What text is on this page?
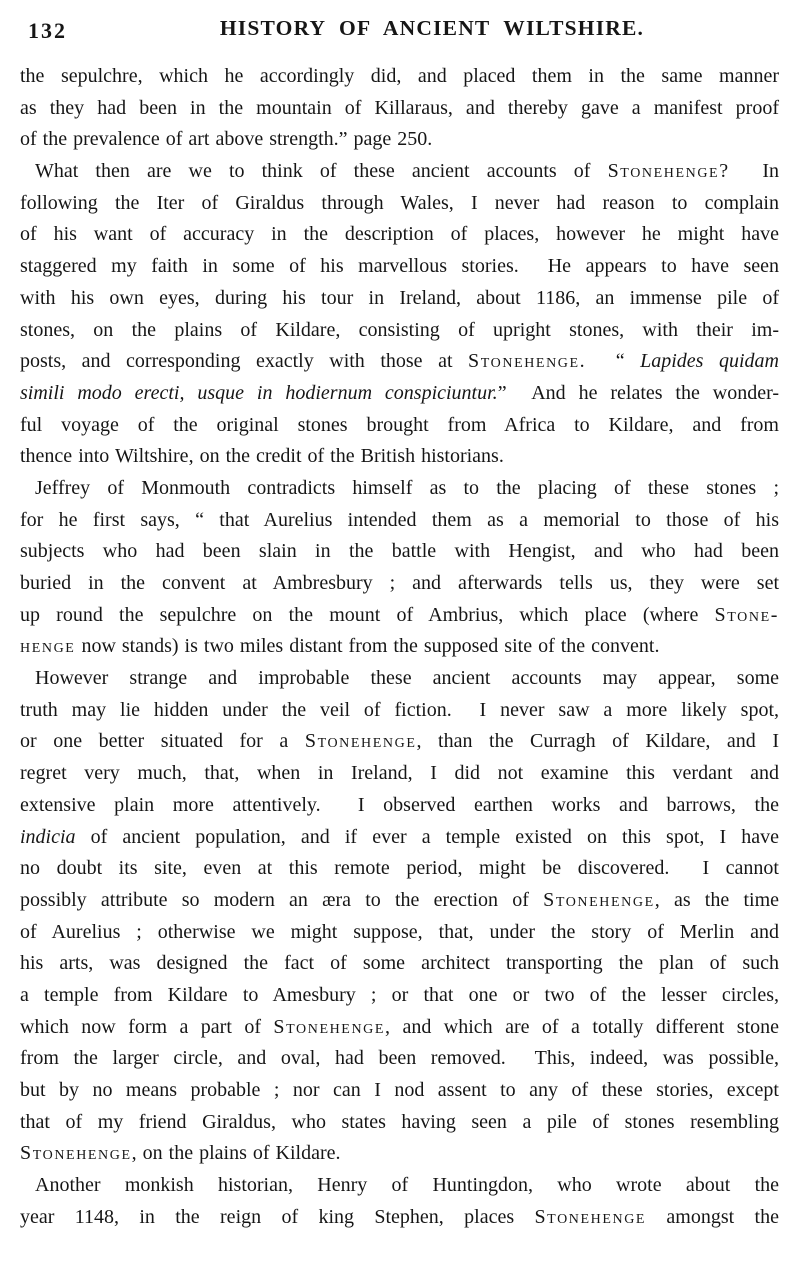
132	HISTORY OF ANCIENT WILTSHIRE.
the sepulchre, which he accordingly did, and placed them in the same manner
as they had been in the mountain of Killaraus, and thereby gave a manifest proof
of the prevalence of art above strength.” page 250.
What then are we to think of these ancient accounts of Stonehenge?  In
following the Iter of Giraldus through Wales, I never had reason to complain
of his want of accuracy in the description of places, however he might have
staggered my faith in some of his marvellous stories.  He appears to have seen
with his own eyes, during his tour in Ireland, about 1186, an immense pile of
stones, on the plains of Kildare, consisting of upright stones, with their im-
posts, and corresponding exactly with those at Stonehenge.  “ Lapides quidam
simili modo erecti, usque in hodiernum conspiciuntur.”  And he relates the wonder-
ful voyage of the original stones brought from Africa to Kildare, and from
thence into Wiltshire, on the credit of the British historians.
Jeffrey of Monmouth contradicts himself as to the placing of these stones ;
for he first says, “ that Aurelius intended them as a memorial to those of his
subjects who had been slain in the battle with Hengist, and who had been
buried in the convent at Ambresbury ; and afterwards tells us, they were set
up round the sepulchre on the mount of Ambrius, which place (where Stone-
henge now stands) is two miles distant from the supposed site of the convent.
However strange and improbable these ancient accounts may appear, some
truth may lie hidden under the veil of fiction.  I never saw a more likely spot,
or one better situated for a Stonehenge, than the Curragh of Kildare, and I
regret very much, that, when in Ireland, I did not examine this verdant and
extensive plain more attentively.  I observed earthen works and barrows, the
indicia of ancient population, and if ever a temple existed on this spot, I have
no doubt its site, even at this remote period, might be discovered.  I cannot
possibly attribute so modern an æra to the erection of Stonehenge, as the time
of Aurelius ; otherwise we might suppose, that, under the story of Merlin and
his arts, was designed the fact of some architect transporting the plan of such
a temple from Kildare to Amesbury ; or that one or two of the lesser circles,
which now form a part of Stonehenge, and which are of a totally different stone
from the larger circle, and oval, had been removed.  This, indeed, was possible,
but by no means probable ; nor can I nod assent to any of these stories, except
that of my friend Giraldus, who states having seen a pile of stones resembling
Stonehenge, on the plains of Kildare.
Another monkish historian, Henry of Huntingdon, who wrote about the
year 1148, in the reign of king Stephen, places Stonehenge amongst the
